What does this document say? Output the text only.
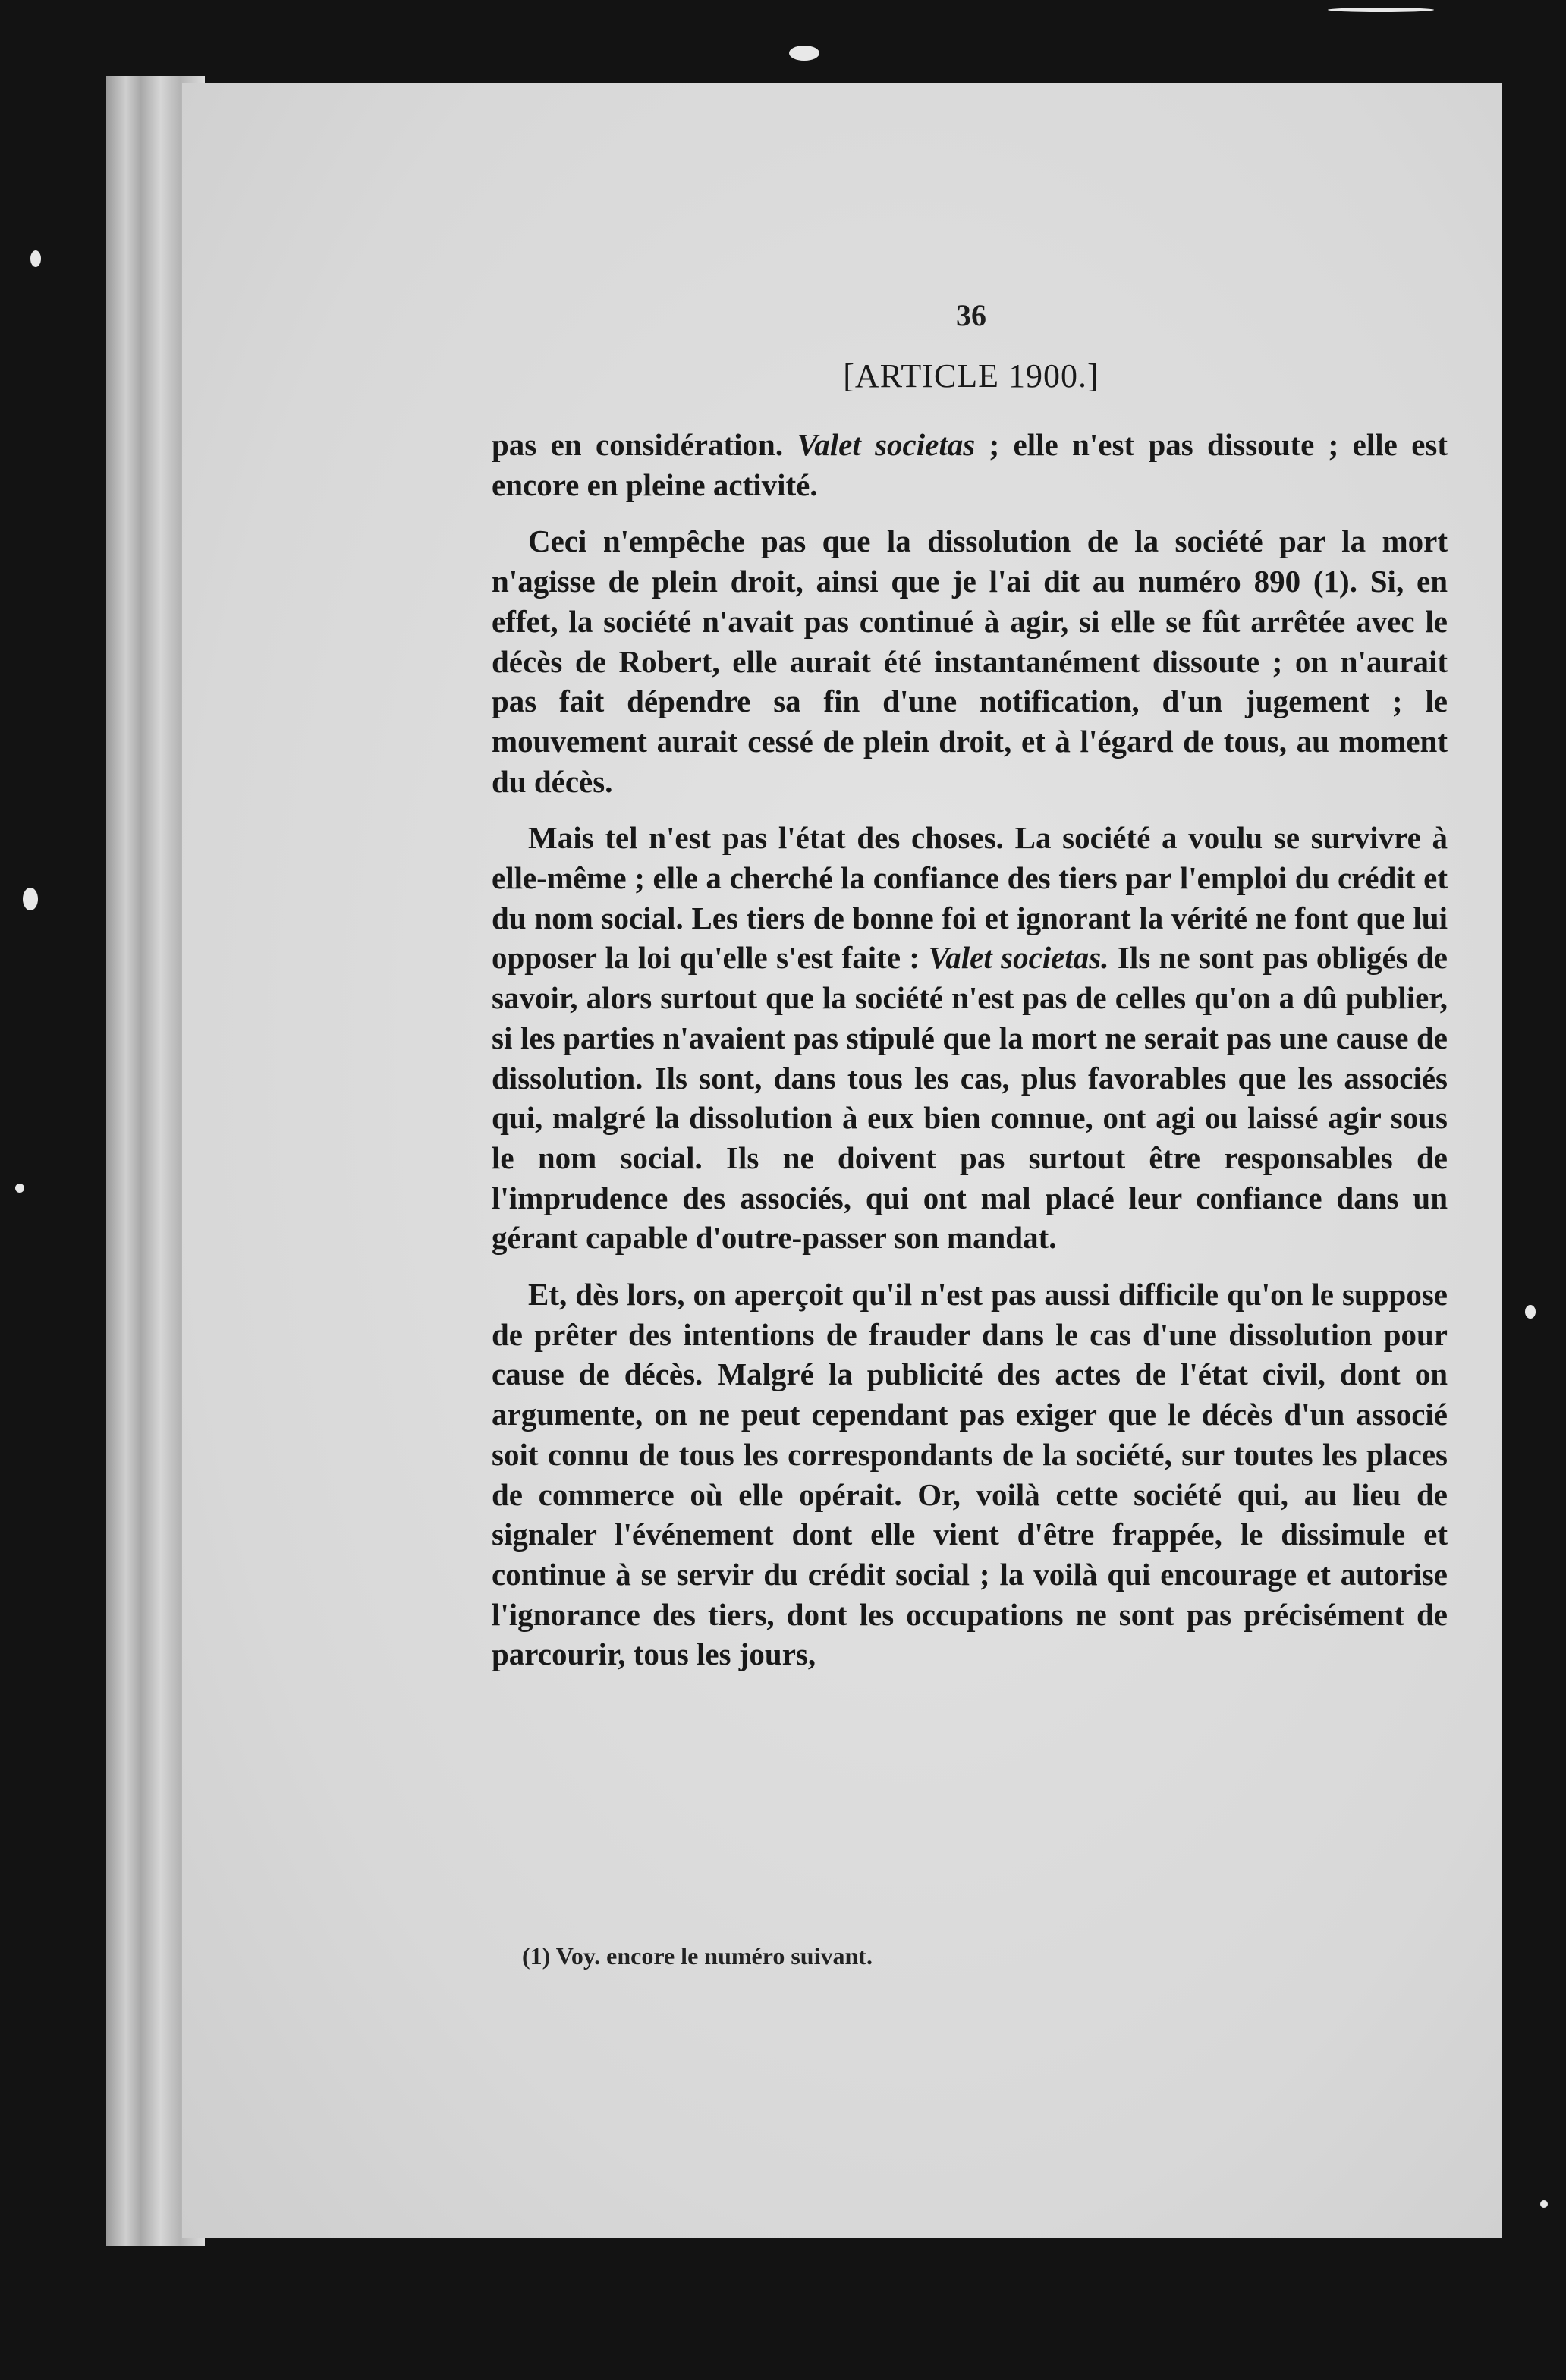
36
[ARTICLE 1900.]

pas en considération. Valet societas ; elle n'est pas dissoute ; elle est encore en pleine activité.

Ceci n'empêche pas que la dissolution de la société par la mort n'agisse de plein droit, ainsi que je l'ai dit au numéro 890 (1). Si, en effet, la société n'avait pas continué à agir, si elle se fût arrêtée avec le décès de Robert, elle aurait été instantanément dissoute ; on n'aurait pas fait dépendre sa fin d'une notification, d'un jugement ; le mouvement aurait cessé de plein droit, et à l'égard de tous, au moment du décès.

Mais tel n'est pas l'état des choses. La société a voulu se survivre à elle-même ; elle a cherché la confiance des tiers par l'emploi du crédit et du nom social. Les tiers de bonne foi et ignorant la vérité ne font que lui opposer la loi qu'elle s'est faite : Valet societas. Ils ne sont pas obligés de savoir, alors surtout que la société n'est pas de celles qu'on a dû publier, si les parties n'avaient pas stipulé que la mort ne serait pas une cause de dissolution. Ils sont, dans tous les cas, plus favorables que les associés qui, malgré la dissolution à eux bien connue, ont agi ou laissé agir sous le nom social. Ils ne doivent pas surtout être responsables de l'imprudence des associés, qui ont mal placé leur confiance dans un gérant capable d'outre-passer son mandat.

Et, dès lors, on aperçoit qu'il n'est pas aussi difficile qu'on le suppose de prêter des intentions de frauder dans le cas d'une dissolution pour cause de décès. Malgré la publicité des actes de l'état civil, dont on argumente, on ne peut cependant pas exiger que le décès d'un associé soit connu de tous les correspondants de la société, sur toutes les places de commerce où elle opérait. Or, voilà cette société qui, au lieu de signaler l'événement dont elle vient d'être frappée, le dissimule et continue à se servir du crédit social ; la voilà qui encourage et autorise l'ignorance des tiers, dont les occupations ne sont pas précisément de parcourir, tous les jours,

(1) Voy. encore le numéro suivant.
